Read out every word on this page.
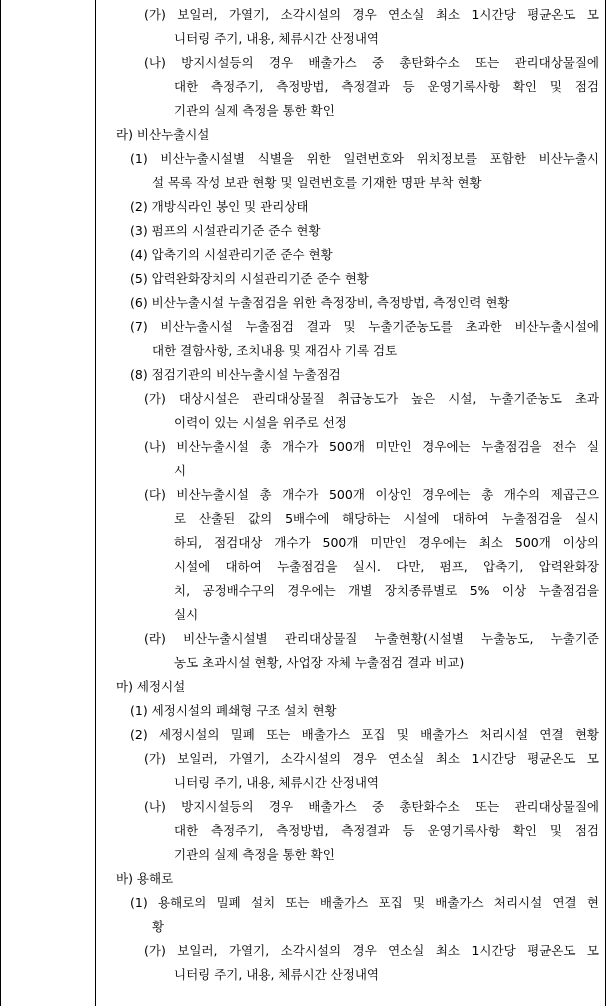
(가) 보일러, 가열기, 소각시설의 경우 연소실 최소 1시간당 평균온도 모
니터링 주기, 내용, 체류시간 산정내역
(나) 방지시설등의 경우 배출가스 중 총탄화수소 또는 관리대상물질에
대한 측정주기, 측정방법, 측정결과 등 운영기록사항 확인 및 점검
기관의 실제 측정을 통한 확인
라) 비산누출시설
(1) 비산누출시설별 식별을 위한 일련번호와 위치정보를 포함한 비산누출시
설 목록 작성 보관 현황 및 일련번호를 기재한 명판 부착 현황
(2) 개방식라인 봉인 및 관리상태
(3) 펌프의 시설관리기준 준수 현황
(4) 압축기의 시설관리기준 준수 현황
(5) 압력완화장치의 시설관리기준 준수 현황
(6) 비산누출시설 누출점검을 위한 측정장비, 측정방법, 측정인력 현황
(7) 비산누출시설 누출점검 결과 및 누출기준농도를 초과한 비산누출시설에
대한 결함사항, 조치내용 및 재검사 기록 검토
(8) 점검기관의 비산누출시설 누출점검
(가) 대상시설은 관리대상물질 취급농도가 높은 시설, 누출기준농도 초과
이력이 있는 시설을 위주로 선정
(나) 비산누출시설 총 개수가 500개 미만인 경우에는 누출점검을 전수 실
시
(다) 비산누출시설 총 개수가 500개 이상인 경우에는 총 개수의 제곱근으
로 산출된 값의 5배수에 해당하는 시설에 대하여 누출점검을 실시
하되, 점검대상 개수가 500개 미만인 경우에는 최소 500개 이상의
시설에 대하여 누출점검을 실시. 다만, 펌프, 압축기, 압력완화장
치, 공정배수구의 경우에는 개별 장치종류별로 5% 이상 누출점검을
실시
(라) 비산누출시설별 관리대상물질 누출현황(시설별 누출농도, 누출기준
농도 초과시설 현황, 사업장 자체 누출점검 결과 비교)
마) 세정시설
(1) 세정시설의 폐쇄형 구조 설치 현황
(2) 세정시설의 밀폐 또는 배출가스 포집 및 배출가스 처리시설 연결 현황
(가) 보일러, 가열기, 소각시설의 경우 연소실 최소 1시간당 평균온도 모
니터링 주기, 내용, 체류시간 산정내역
(나) 방지시설등의 경우 배출가스 중 총탄화수소 또는 관리대상물질에
대한 측정주기, 측정방법, 측정결과 등 운영기록사항 확인 및 점검
기관의 실제 측정을 통한 확인
바) 용해로
(1) 용해로의 밀폐 설치 또는 배출가스 포집 및 배출가스 처리시설 연결 현
황
(가) 보일러, 가열기, 소각시설의 경우 연소실 최소 1시간당 평균온도 모
니터링 주기, 내용, 체류시간 산정내역
